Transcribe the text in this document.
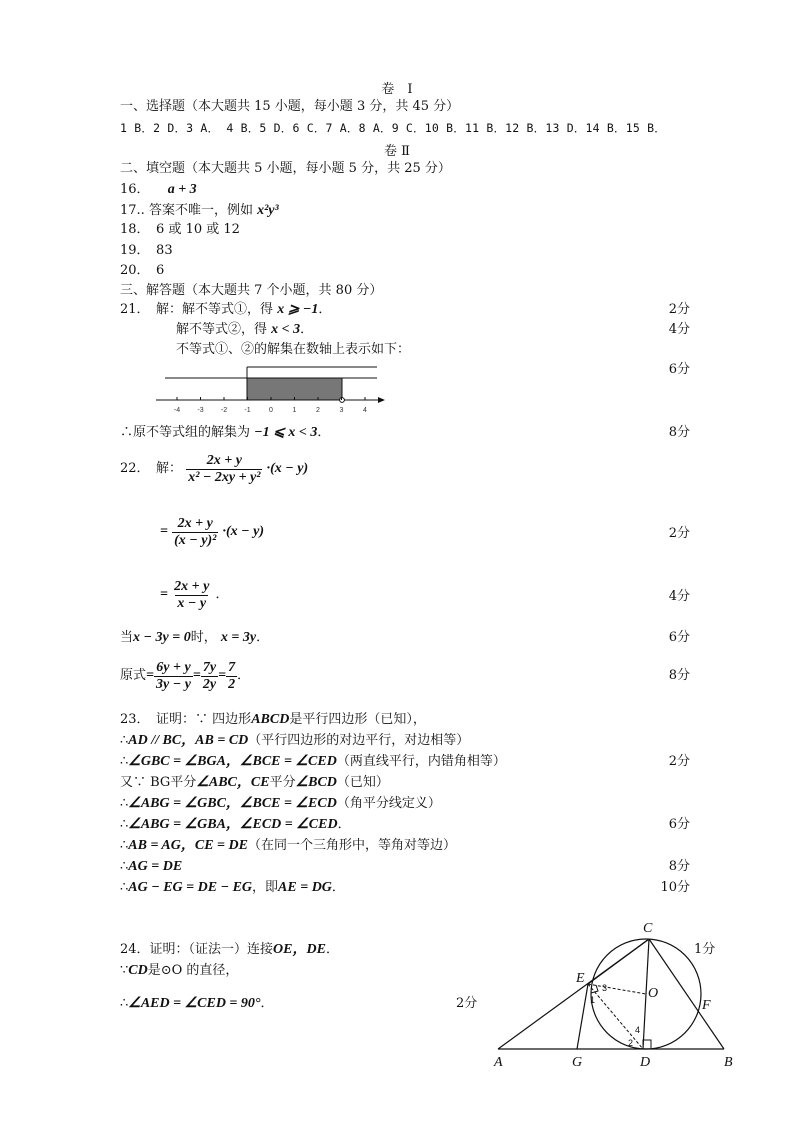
卷　Ⅰ
一、选择题（本大题共 15 小题，每小题 3 分，共 45 分）
1 B．2 D．3 A． 4 B．5 D．6 C．7 A．8 A．9 C．10 B．11 B．12 B．13 D．14 B．15 B．
卷 Ⅱ
二、填空题（本大题共 5 小题，每小题 5 分，共 25 分）
16． a + 3
17.. 答案不唯一，例如 x²y³
18．　6 或 10 或 12
19．　83
20．　6
三、解答题（本大题共 7 个小题，共 80 分）
21．　解：解不等式①，得 x ⩾ −1．	2分
解不等式②，得 x < 3．	4分
不等式①、②的解集在数轴上表示如下：
6分
-4 -3 -2 -1	0	1	2	3	4
∴原不等式组的解集为 −1 ⩽ x < 3．	8分
22．　解： $\frac{2x + y}{\text{x² − 2xy + y²}} \cdot(x - y)$
= $\frac{2x + y}{\text{(x − y)²}} \cdot(x - y)$	2分
= $\frac{2x + y}{x - y}$ ．	4分
当x − 3y = 0时， x = 3y．	6分
原式= $\frac{6y + y}{3y - y} = \frac{7y}{2y} = \frac{7}{2}$ ．	8分
23．　证明：∵ 四边形ABCD是平行四边形（已知），
∴AD // BC，AB = CD（平行四边形的对边平行，对边相等）
∴∠GBC = ∠BGA，∠BCE = ∠CED（两直线平行，内错角相等）	2分
又∵ BG平分∠ABC，CE平分∠BCD（已知）
∴∠ABG = ∠GBC，∠BCE = ∠ECD（角平分线定义）
∴∠ABG = ∠GBA，∠ECD = ∠CED．	6分
∴AB = AG，CE = DE（在同一个三角形中，等角对等边）
∴AG = DE	8分
∴AG − EG = DE − EG，即AE = DG．	10分
24．证明：（证法一）连接OE，DE．
∵CD是⊙O 的直径，
∴∠AED = ∠CED = 90°．	2分
1分
C
E
O
F
A	G	D	B
1
3
4
2
